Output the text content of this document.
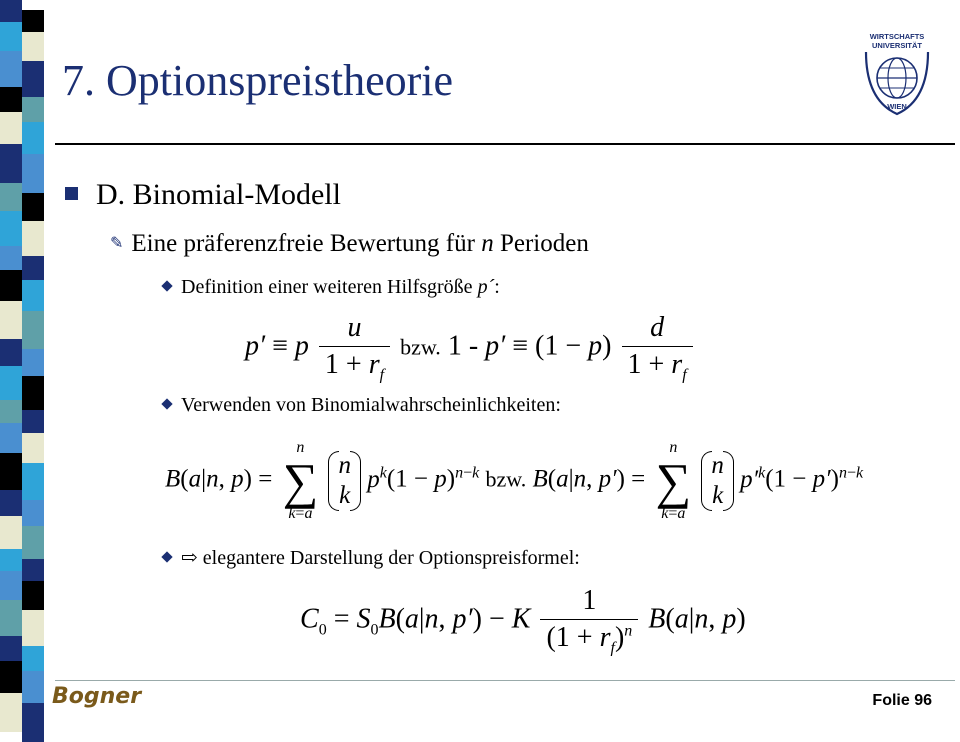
7. Optionspreistheorie
WIRTSCHAFTS
UNIVERSITÄT
WIEN
D. Binomial-Modell
✎ Eine präferenzfreie Bewertung für n Perioden
Definition einer weiteren Hilfsgröße p´:
p′ ≡ p $\frac{u}{1 + r_f}$ bzw. $1 - p' \equiv (1 - p) \frac{d}{1 + r_f}$
Verwenden von Binomialwahrscheinlichkeiten:
B(a|n, p) =
n
∑
k=a
n
k $p^k(1 - p)^{n-k}$ bzw. B(a|n, p′) =
n
∑
k=a
n
k $p'^k(1 - p')^{n-k}$
⇨ elegantere Darstellung der Optionspreisformel:
$C_0 = S_0B(a|n$, p′) − K $\frac{1}{(1 + r_f)^n} B(a|n$, p)
Bogner	Folie 96
